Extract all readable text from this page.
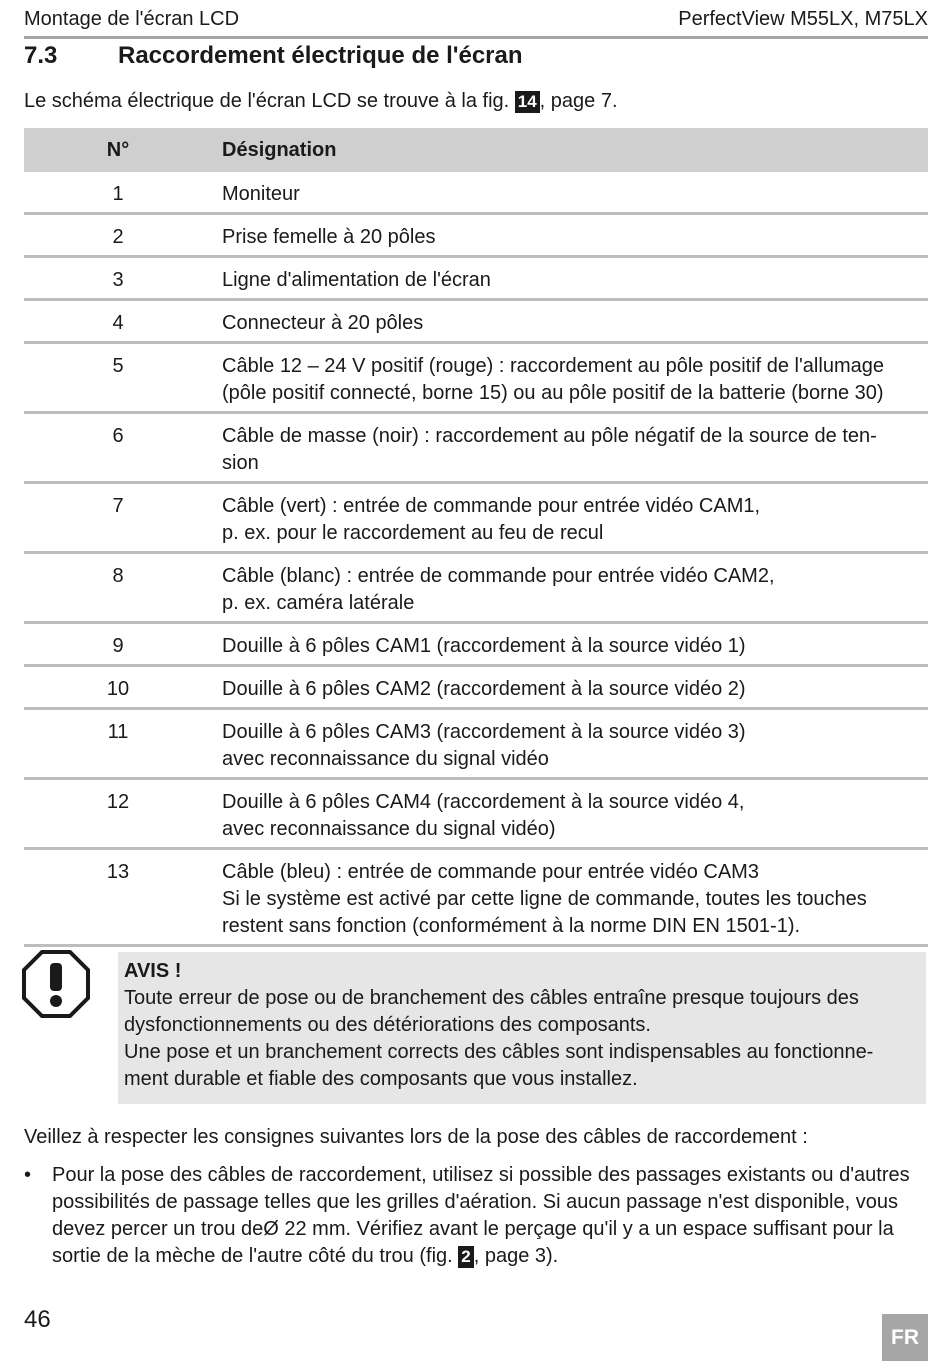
Montage de l'écran LCD	PerfectView M55LX, M75LX
7.3	Raccordement électrique de l'écran
Le schéma électrique de l'écran LCD se trouve à la fig. 14 , page 7.
N°	Désignation
1	Moniteur

2	Prise femelle à 20 pôles

3	Ligne d'alimentation de l'écran

4	Connecteur à 20 pôles

5	Câble 12 – 24 V positif (rouge) : raccordement au pôle positif de l'allumage
(pôle positif connecté, borne 15) ou au pôle positif de la batterie (borne 30)

6	Câble de masse (noir) : raccordement au pôle négatif de la source de ten-
sion

7	Câble (vert) : entrée de commande pour entrée vidéo CAM1,
p. ex. pour le raccordement au feu de recul

8	Câble (blanc) : entrée de commande pour entrée vidéo CAM2,
p. ex. caméra latérale

9	Douille à 6 pôles CAM1 (raccordement à la source vidéo 1)

10	Douille à 6 pôles CAM2 (raccordement à la source vidéo 2)

11	Douille à 6 pôles CAM3 (raccordement à la source vidéo 3)
avec reconnaissance du signal vidéo

12	Douille à 6 pôles CAM4 (raccordement à la source vidéo 4,
avec reconnaissance du signal vidéo)

13	Câble (bleu) : entrée de commande pour entrée vidéo CAM3
Si le système est activé par cette ligne de commande, toutes les touches
restent sans fonction (conformément à la norme DIN EN 1501-1).
AVIS !
Toute erreur de pose ou de branchement des câbles entraîne presque toujours des
dysfonctionnements ou des détériorations des composants.
Une pose et un branchement corrects des câbles sont indispensables au fonctionne-
ment durable et fiable des composants que vous installez.
Veillez à respecter les consignes suivantes lors de la pose des câbles de raccordement :
• Pour la pose des câbles de raccordement, utilisez si possible des passages existants ou d'autres
possibilités de passage telles que les grilles d'aération. Si aucun passage n'est disponible, vous
devez percer un trou deØ 22 mm. Vérifiez avant le perçage qu'il y a un espace suffisant pour la
sortie de la mèche de l'autre côté du trou (fig. 2 , page 3).
46
FR
